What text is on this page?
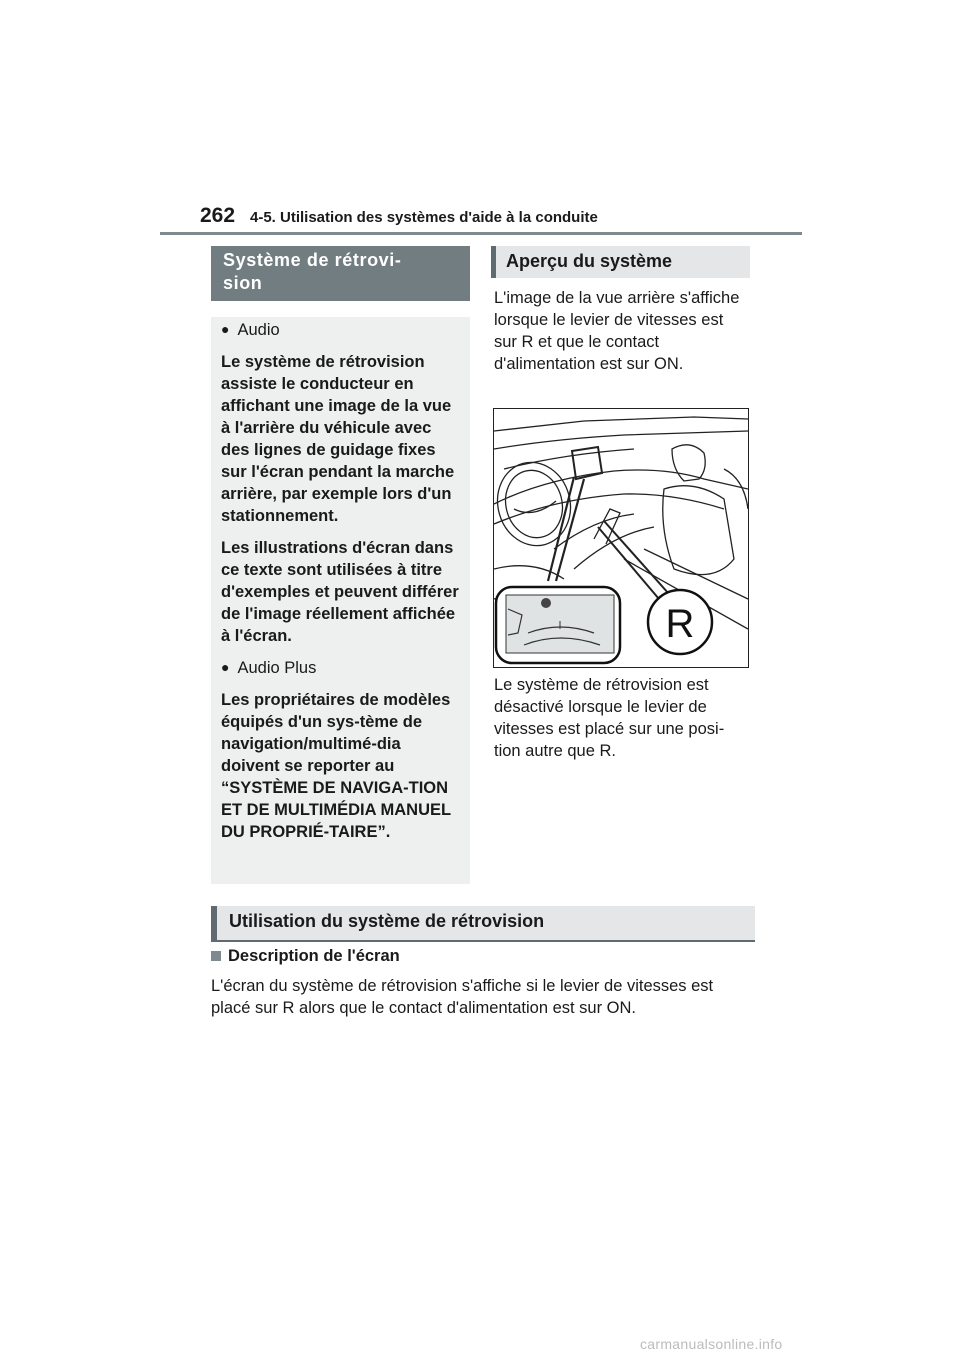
262 4-5. Utilisation des systèmes d'aide à la conduite
Système de rétrovi-
sion
● Audio
Le système de rétrovision assiste le conducteur en affichant une image de la vue à l'arrière du véhicule avec des lignes de guidage fixes sur l'écran pendant la marche arrière, par exemple lors d'un stationnement.
Les illustrations d'écran dans ce texte sont utilisées à titre d'exemples et peuvent différer de l'image réellement affichée à l'écran.
● Audio Plus
Les propriétaires de modèles équipés d'un sys-tème de navigation/multimé-dia doivent se reporter au “SYSTÈME DE NAVIGA-TION ET DE MULTIMÉDIA MANUEL DU PROPRIÉ-TAIRE”.
Aperçu du système
L'image de la vue arrière s'affiche lorsque le levier de vitesses est sur R et que le contact d'alimentation est sur ON.
R
Le système de rétrovision est désactivé lorsque le levier de vitesses est placé sur une posi-tion autre que R.
Utilisation du système de rétrovision
Description de l'écran
L'écran du système de rétrovision s'affiche si le levier de vitesses est placé sur R alors que le contact d'alimentation est sur ON.
carmanualsonline.info
